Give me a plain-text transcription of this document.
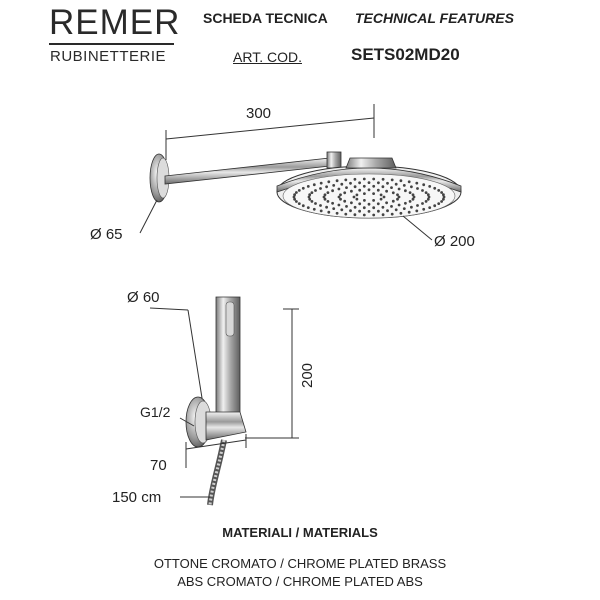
REMER
RUBINETTERIE
SCHEDA TECNICA TECHNICAL FEATURES
ART. COD.	SETS02MD20
300
Ø 65	Ø 200
Ø 60
200
G1/2
70
150 cm
MATERIALI / MATERIALS
OTTONE CROMATO / CHROME PLATED BRASS
ABS CROMATO / CHROME PLATED ABS
